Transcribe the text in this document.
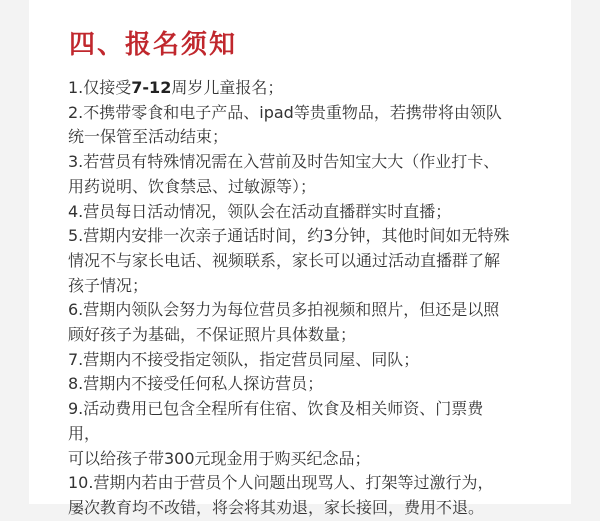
四、报名须知
1.仅接受7-12周岁儿童报名；
2.不携带零食和电子产品、ipad等贵重物品，若携带将由领队
统一保管至活动结束；
3.若营员有特殊情况需在入营前及时告知宝大大（作业打卡、
用药说明、饮食禁忌、过敏源等）；
4.营员每日活动情况，领队会在活动直播群实时直播；
5.营期内安排一次亲子通话时间，约3分钟，其他时间如无特殊
情况不与家长电话、视频联系，家长可以通过活动直播群了解
孩子情况；
6.营期内领队会努力为每位营员多拍视频和照片，但还是以照
顾好孩子为基础，不保证照片具体数量；
7.营期内不接受指定领队，指定营员同屋、同队；
8.营期内不接受任何私人探访营员；
9.活动费用已包含全程所有住宿、饮食及相关师资、门票费
用，
可以给孩子带300元现金用于购买纪念品；
10.营期内若由于营员个人问题出现骂人、打架等过激行为，
屡次教育均不改错，将会将其劝退，家长接回，费用不退。
